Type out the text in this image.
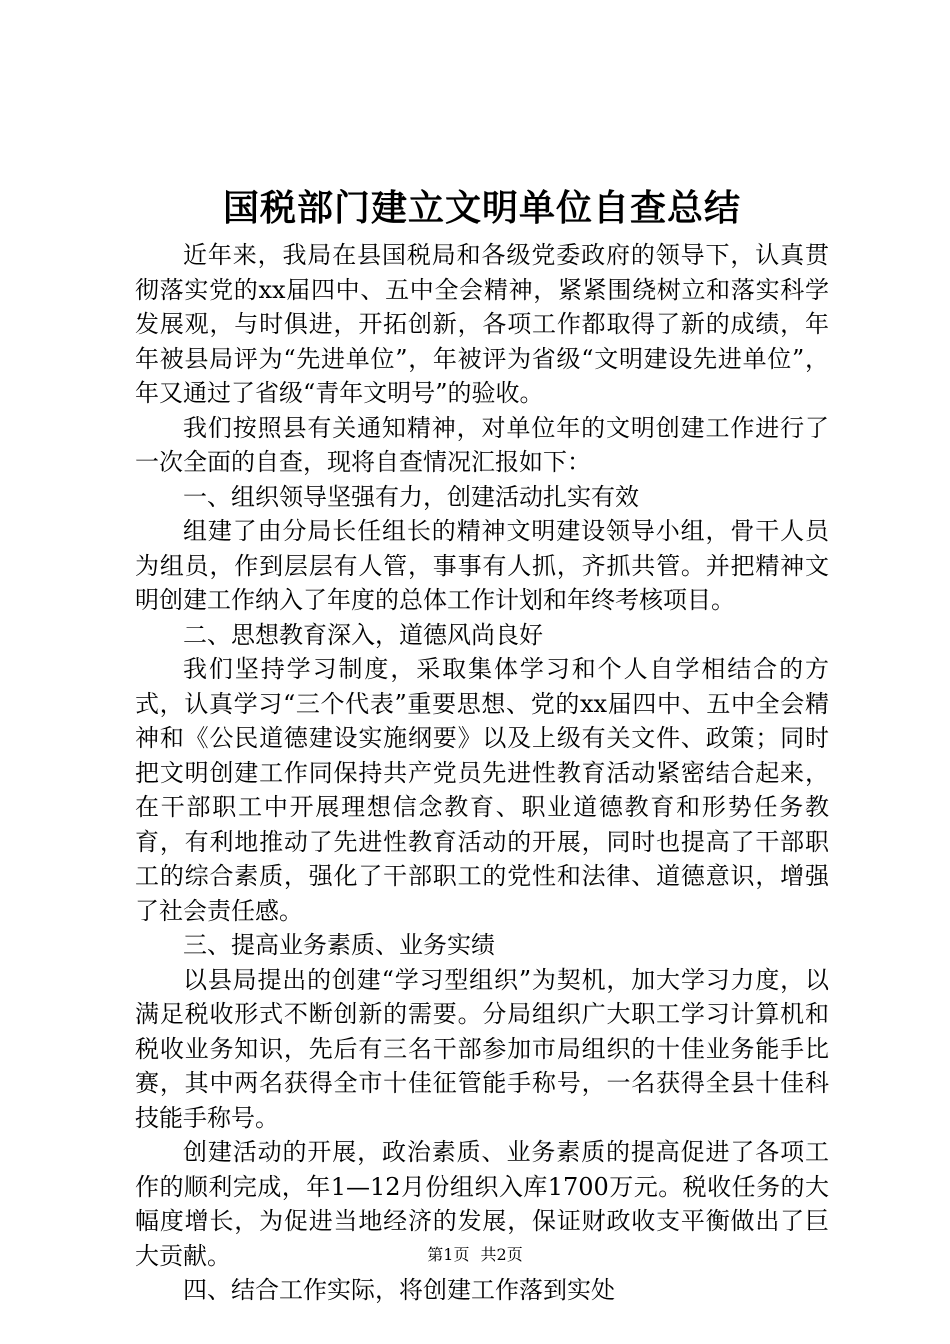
国税部门建立文明单位自查总结

近年来，我局在县国税局和各级党委政府的领导下，认真贯彻落实党的xx届四中、五中全会精神，紧紧围绕树立和落实科学发展观，与时俱进，开拓创新，各项工作都取得了新的成绩，年年被县局评为“先进单位”，年被评为省级“文明建设先进单位”，年又通过了省级“青年文明号”的验收。

我们按照县有关通知精神，对单位年的文明创建工作进行了一次全面的自查，现将自查情况汇报如下：

一、组织领导坚强有力，创建活动扎实有效

组建了由分局长任组长的精神文明建设领导小组，骨干人员为组员，作到层层有人管，事事有人抓，齐抓共管。并把精神文明创建工作纳入了年度的总体工作计划和年终考核项目。

二、思想教育深入，道德风尚良好

我们坚持学习制度，采取集体学习和个人自学相结合的方式，认真学习“三个代表”重要思想、党的xx届四中、五中全会精神和《公民道德建设实施纲要》以及上级有关文件、政策；同时把文明创建工作同保持共产党员先进性教育活动紧密结合起来，在干部职工中开展理想信念教育、职业道德教育和形势任务教育，有利地推动了先进性教育活动的开展，同时也提高了干部职工的综合素质，强化了干部职工的党性和法律、道德意识，增强了社会责任感。

三、提高业务素质、业务实绩

以县局提出的创建“学习型组织”为契机，加大学习力度，以满足税收形式不断创新的需要。分局组织广大职工学习计算机和税收业务知识，先后有三名干部参加市局组织的十佳业务能手比赛，其中两名获得全市十佳征管能手称号，一名获得全县十佳科技能手称号。

创建活动的开展，政治素质、业务素质的提高促进了各项工作的顺利完成，年1—12月份组织入库1700万元。税收任务的大幅度增长，为促进当地经济的发展，保证财政收支平衡做出了巨大贡献。

四、结合工作实际，将创建工作落到实处

第1页 共2页
